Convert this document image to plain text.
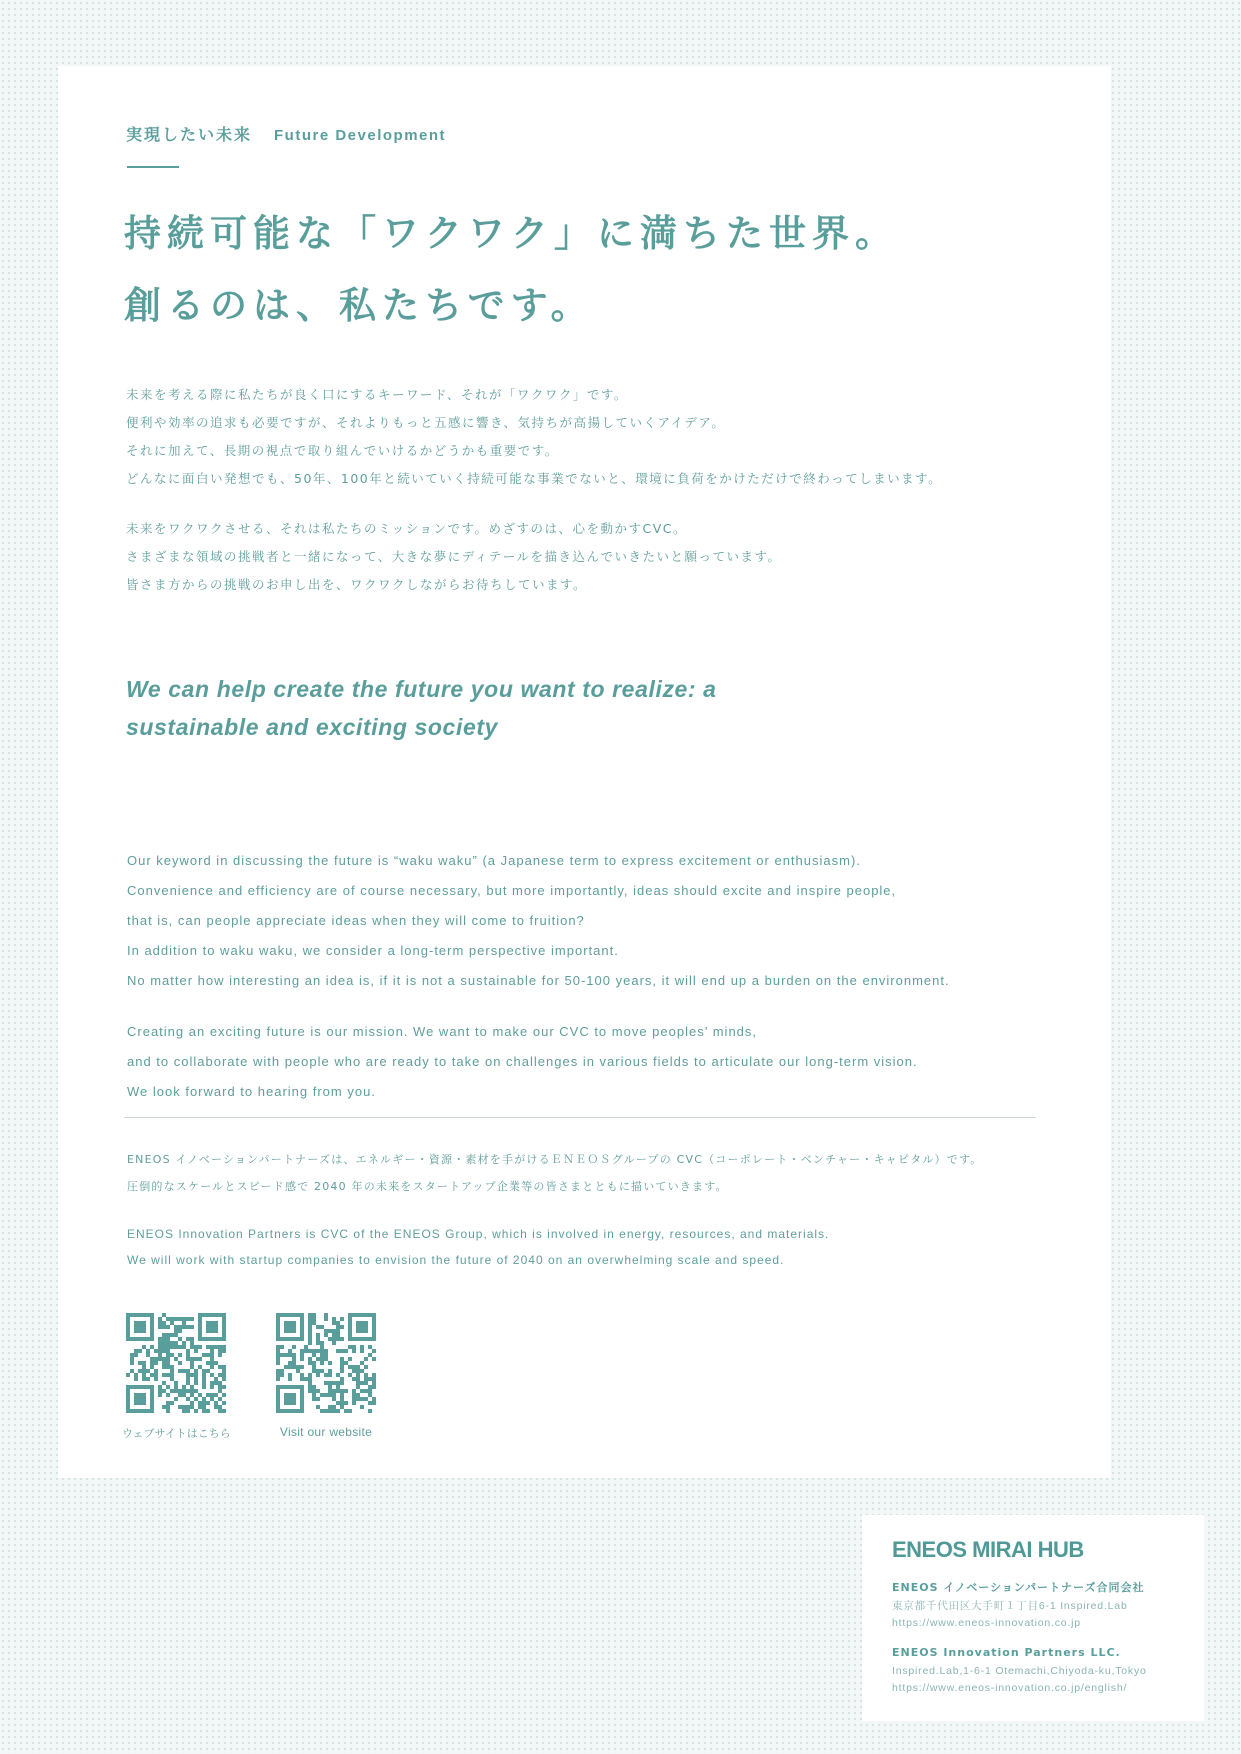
実現したい未来 Future Development
持続可能な「ワクワク」に満ちた世界。
創るのは、私たちです。

未来を考える際に私たちが良く口にするキーワード、それが「ワクワク」です。
便利や効率の追求も必要ですが、それよりもっと五感に響き、気持ちが高揚していくアイデア。
それに加えて、長期の視点で取り組んでいけるかどうかも重要です。
どんなに面白い発想でも、50年、100年と続いていく持続可能な事業でないと、環境に負荷をかけただけで終わってしまいます。

未来をワクワクさせる、それは私たちのミッションです。めざすのは、心を動かすCVC。
さまざまな領域の挑戦者と一緒になって、大きな夢にディテールを描き込んでいきたいと願っています。
皆さま方からの挑戦のお申し出を、ワクワクしながらお待ちしています。

We can help create the future you want to realize: a
sustainable and exciting society

Our keyword in discussing the future is “waku waku” (a Japanese term to express excitement or enthusiasm).
Convenience and efficiency are of course necessary, but more importantly, ideas should excite and inspire people,
that is, can people appreciate ideas when they will come to fruition?
In addition to waku waku, we consider a long-term perspective important.
No matter how interesting an idea is, if it is not a sustainable for 50-100 years, it will end up a burden on the environment.

Creating an exciting future is our mission. We want to make our CVC to move peoples’ minds,
and to collaborate with people who are ready to take on challenges in various fields to articulate our long-term vision.
We look forward to hearing from you.

ENEOS イノベーションパートナーズは、エネルギー・資源・素材を手がけるＥＮＥＯＳグループの CVC（コーポレート・ベンチャー・キャピタル）です。
圧倒的なスケールとスピード感で 2040 年の未来をスタートアップ企業等の皆さまとともに描いていきます。
ENEOS Innovation Partners is CVC of the ENEOS Group, which is involved in energy, resources, and materials.
We will work with startup companies to envision the future of 2040 on an overwhelming scale and speed.
ウェブサイトはこちら	Visit our website
ENEOS MIRAI HUB
ENEOS イノベーションパートナーズ合同会社
東京都千代田区大手町１丁目6-1 Inspired.Lab
https://www.eneos-innovation.co.jp
ENEOS Innovation Partners LLC.
Inspired.Lab,1-6-1 Otemachi,Chiyoda-ku,Tokyo
https://www.eneos-innovation.co.jp/english/
